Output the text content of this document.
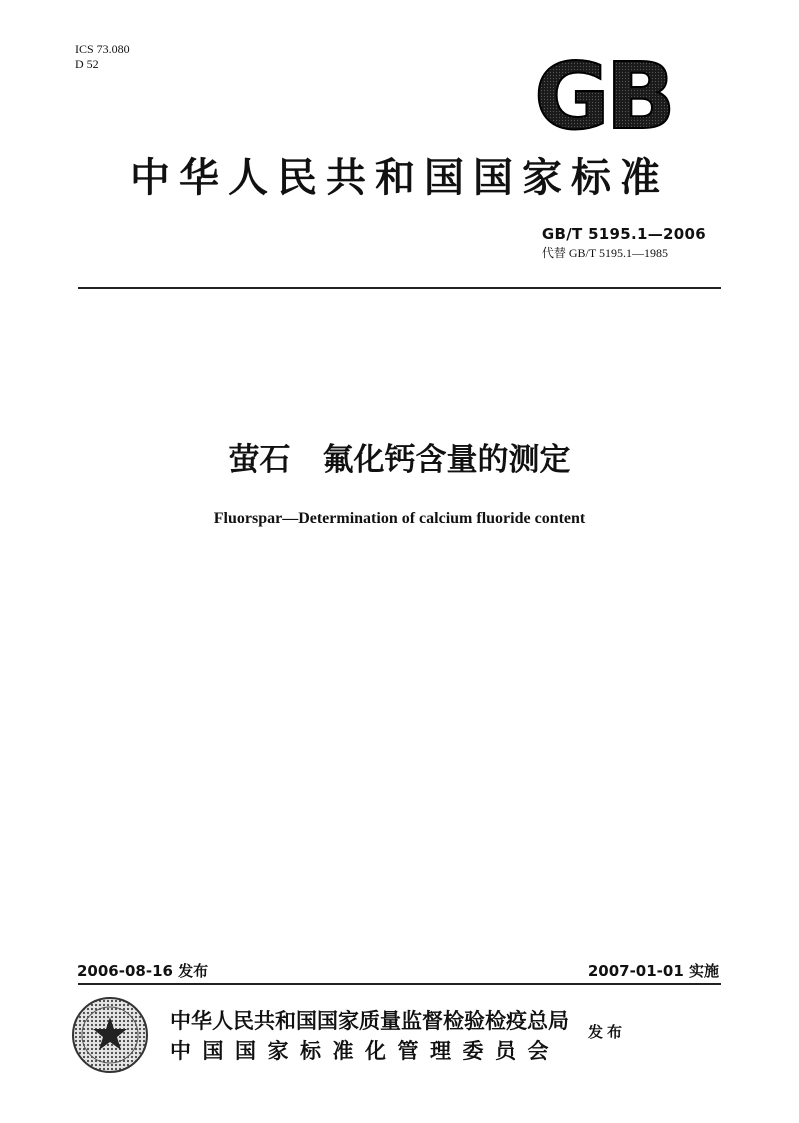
ICS 73.080
D 52	GB
中华人民共和国国家标准
GB/T 5195.1—2006
代替 GB/T 5195.1—1985
萤石 氟化钙含量的测定
Fluorspar—Determination of calcium fluoride content
2006-08-16 发布	2007-01-01 实施
中华人民共和国国家质量监督检验检疫总局
中国国家标准化管理委员会
发布
